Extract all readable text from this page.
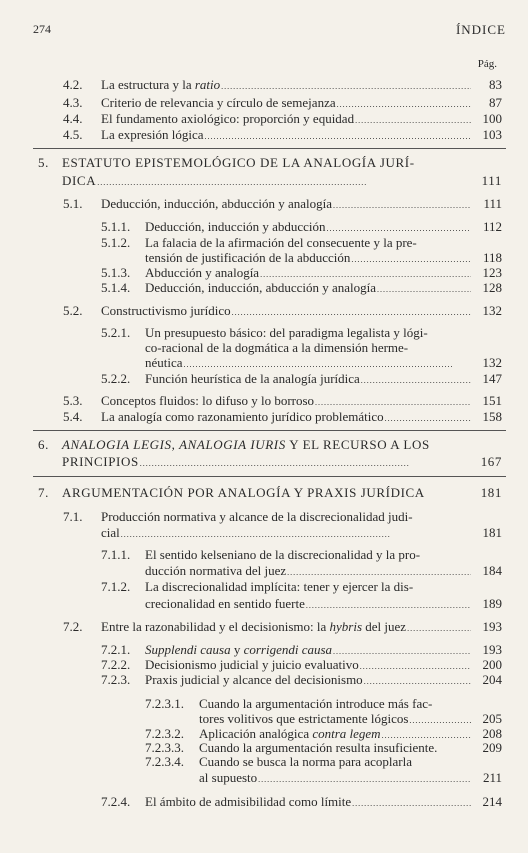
274	ÍNDICE
Pág.
4.2. La estructura y la ratio . . .	83
4.3. Criterio de relevancia y círculo de semejanza . . .	87
4.4. El fundamento axiológico: proporción y equidad . . .	100
4.5. La expresión lógica . . .	103
5. ESTATUTO EPISTEMOLÓGICO DE LA ANALOGÍA JURÍ-
DICA . . .	111
5.1. Deducción, inducción, abducción y analogía . . .	111
5.1.1. Deducción, inducción y abducción . . .	112
5.1.2. La falacia de la afirmación del consecuente y la pre-
tensión de justificación de la abducción . . .	118
5.1.3. Abducción y analogía . . .	123
5.1.4. Deducción, inducción, abducción y analogía . . .	128
5.2. Constructivismo jurídico . . .	132
5.2.1. Un presupuesto básico: del paradigma legalista y lógi-
co-racional de la dogmática a la dimensión herme-
néutica . . .	132
5.2.2. Función heurística de la analogía jurídica . . .	147
5.3. Conceptos fluidos: lo difuso y lo borroso . . .	151
5.4. La analogía como razonamiento jurídico problemático . . .	158
6. ANALOGIA LEGIS, ANALOGIA IURIS Y EL RECURSO A LOS
PRINCIPIOS . . .	167
7. ARGUMENTACIÓN POR ANALOGÍA Y PRAXIS JURÍDICA	181
7.1. Producción normativa y alcance de la discrecionalidad judi-
cial . . .	181
7.1.1. El sentido kelseniano de la discrecionalidad y la pro-
ducción normativa del juez . . .	184
7.1.2. La discrecionalidad implícita: tener y ejercer la dis-
crecionalidad en sentido fuerte . . .	189
7.2. Entre la razonabilidad y el decisionismo: la hybris del juez . . .	193
7.2.1. Supplendi causa y corrigendi causa . . .	193
7.2.2. Decisionismo judicial y juicio evaluativo . . .	200
7.2.3. Praxis judicial y alcance del decisionismo . . .	204
7.2.3.1. Cuando la argumentación introduce más fac-
tores volitivos que estrictamente lógicos . . .	205
7.2.3.2. Aplicación analógica contra legem . . .	208
7.2.3.3. Cuando la argumentación resulta insuficiente.	209
7.2.3.4. Cuando se busca la norma para acoplarla
al supuesto . . .	211
7.2.4. El ámbito de admisibilidad como límite . . .	214
